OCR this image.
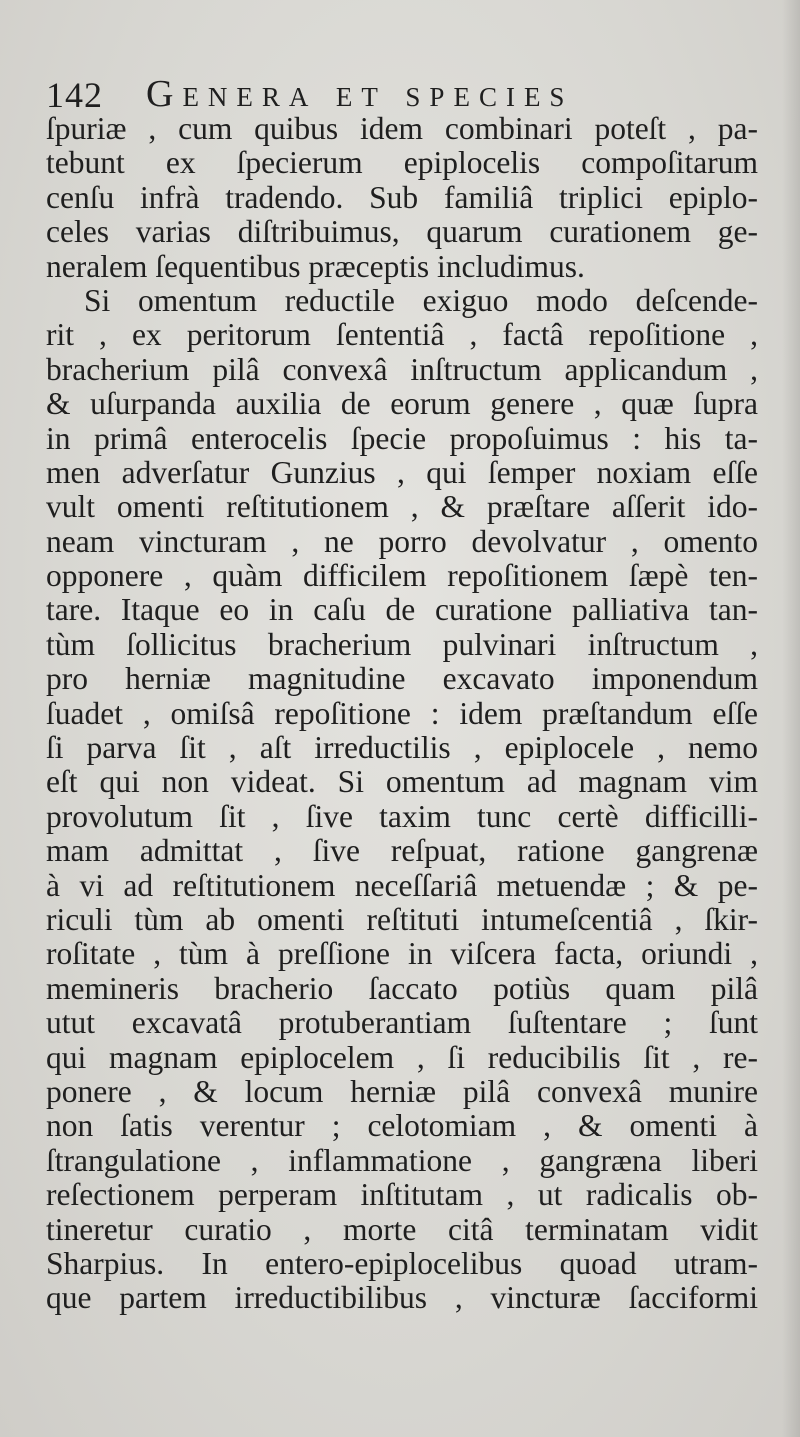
142 Genera et species
ſpuriæ , cum quibus idem combinari poteſt , pa-
tebunt ex ſpecierum epiplocelis compoſitarum
cenſu infrà tradendo. Sub familiâ triplici epiplo-
celes varias diſtribuimus, quarum curationem ge-
neralem ſequentibus præceptis includimus.
Si omentum reductile exiguo modo deſcende-
rit , ex peritorum ſententiâ , factâ repoſitione ,
bracherium pilâ convexâ inſtructum applicandum ,
& uſurpanda auxilia de eorum genere , quæ ſupra
in primâ enterocelis ſpecie propoſuimus : his ta-
men adverſatur Gunzius , qui ſemper noxiam eſſe
vult omenti reſtitutionem , & præſtare aſſerit ido-
neam vincturam , ne porro devolvatur , omento
opponere , quàm difficilem repoſitionem ſæpè ten-
tare. Itaque eo in caſu de curatione palliativa tan-
tùm ſollicitus bracherium pulvinari inſtructum ,
pro herniæ magnitudine excavato imponendum
ſuadet , omiſsâ repoſitione : idem præſtandum eſſe
ſi parva ſit , aſt irreductilis , epiplocele , nemo
eſt qui non videat. Si omentum ad magnam vim
provolutum ſit , ſive taxim tunc certè difficilli-
mam admittat , ſive reſpuat, ratione gangrenæ
à vi ad reſtitutionem neceſſariâ metuendæ ; & pe-
riculi tùm ab omenti reſtituti intumeſcentiâ , ſkir-
roſitate , tùm à preſſione in viſcera facta, oriundi ,
memineris bracherio ſaccato potiùs quam pilâ
utut excavatâ protuberantiam ſuſtentare ; ſunt
qui magnam epiplocelem , ſi reducibilis ſit , re-
ponere , & locum herniæ pilâ convexâ munire
non ſatis verentur ; celotomiam , & omenti à
ſtrangulatione , inflammatione , gangræna liberi
reſectionem perperam inſtitutam , ut radicalis ob-
tineretur curatio , morte citâ terminatam vidit
Sharpius. In entero-epiplocelibus quoad utram-
que partem irreductibilibus , vincturæ ſacciformi
